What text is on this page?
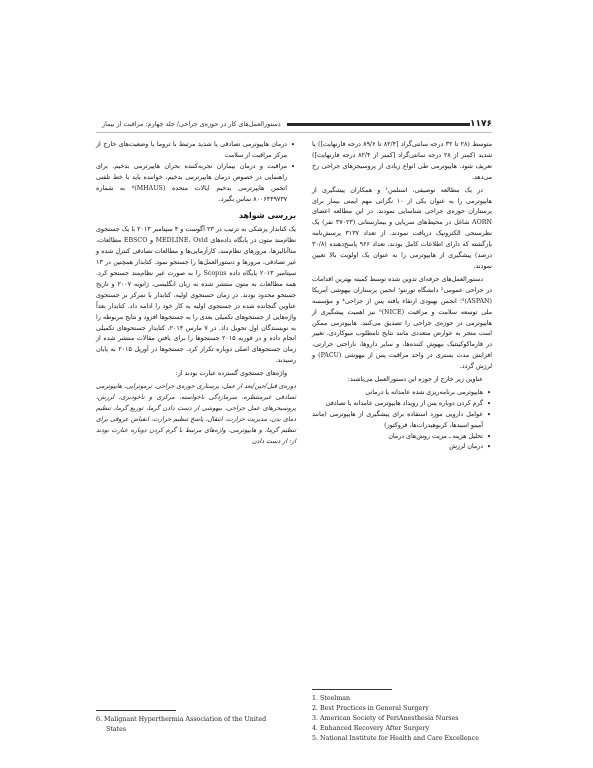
۱۱۷۶
دستورالعمل‌های کار در حوزه‌ی جراحی/ جلد چهارم: مراقبت از بیمار

متوسط (۲۸ تا ۳۲ درجه سانتی‌گراد [۸۲/۴ تا ۸۹/۶ درجه فارنهایت]) یا شدید (کمتر از ۲۸ درجه سانتی‌گراد [کمتر از ۸۲/۴ درجه فارنهایت]) تعریف شود. هایپوترمی طی انواع زیادی از پروسیجرهای جراحی رخ می‌دهد.

در یک مطالعه توصیفی، اسنلمن¹ و همکاران پیشگیری از هایپوترمی را به عنوان یکی از ۱۰ نگرانی مهم ایمنی بیمار برای پرستاران حوزه‌ی جراحی شناسایی نمودند. در این مطالعه اعضای AORN شاغل در محیط‌های سرپایی و بیمارستانی (۳۷۰۲۳ نفر) یک نظرسنجی الکترونیک دریافت نمودند. از تعداد ۳۱۳۷ پرسش‌نامه بازگشته که دارای اطلاعات کامل بودند، تعداد ۹۶۶ پاسخ‌دهنده (۳۰/۸ درصد) پیشگیری از هایپوترمی را به عنوان یک اولویت بالا تعیین نمودند.

دستورالعمل‌های حرفه‌ای تدوین شده توسط کمیته بهترین اقدامات در جراحی عمومی² دانشگاه تورنتو؛ انجمن پرستاران بیهوشی آمریکا (ASPAN)³؛ انجمن بهبودی ارتقاء یافته پس از جراحی⁴ و مؤسسه ملی توسعه سلامت و مراقبت (NICE)⁵ نیز اهمیت پیشگیری از هایپوترمی در حوزه‌ی جراحی را تصدیق می‌کنند. هایپوترمی ممکن است منجر به عوارض متعددی مانند نتایج نامطلوب میوکاردی، تغییر در فارماکوکینتیک بیهوش کننده‌ها، و سایر داروها، ناراحتی حرارتی، افزایش مدت بستری در واحد مراقبت پس از بیهوشی (PACU) و لرزش گردد.

عناوین زیر خارج از حوزه این دستورالعمل می‌باشند:

• هایپوترمی برنامه‌ریزی شده عامدانه یا درمانی
• گرم کردن دوباره پس از رویداد هایپوترمی عامدانه یا تصادفی
• عوامل دارویی مورد استفاده برای پیشگیری از هایپوترمی (مانند آمینو اسیدها، کربوهیدرات‌ها، فروکتوز)
• تحلیل هزینه ـ مزیت روش‌های درمان
• درمان لرزش
• درمان هایپوترمی تصادفی یا شدید مرتبط با تروما یا وضعیت‌های خارج از مرکز مراقبت از سلامت
• مراقبت و درمان بیماران تجربه‌کننده بحران هایپرترمی بدخیم. برای راهنمایی در خصوص درمان هایپرترمی بدخیم، خواننده باید با خط تلفنی انجمن هایپرترمی بدخیم ایالات متحده (MHAUS)⁶ به شماره ۸۰۰۶۴۴۹۷۳۷ تماس بگیرد.
بررسی شواهد

یک کتابدار پزشکی به ترتیب در ۲۳ آگوست و ۴ سپتامبر ۲۰۱۳ با یک جستجوی نظام‌مند متون در پایگاه داده‌های MEDLINE، Ovid و EBSCO مطالعات، متاآنالیزها، مرورهای نظام‌مند، کارآزمایی‌ها و مطالعات تصادفی کنترل شده و غیر تصادفی، مرورها و دستورالعمل‌ها را جستجو نمود. کتابدار همچنین در ۱۳ سپتامبر ۲۰۱۳ پایگاه داده Scopus را به صورت غیر نظام‌مند جستجو کرد. همه مطالعات به متون منتشر شده به زبان انگلیسی، ژانویه ۲۰۰۷ و تاریخ جستجو محدود بودند. در زمان جستجوی اولیه، کتابدار با تمرکز بر جستجوی عناوین گنجانده شده در جستجوی اولیه به کار خود را ادامه داد. کتابدار بعداً واژه‌هایی از جستجوهای تکمیلی بعدی را به جستجوها افزود و نتایج مربوطه را به نویسندگان اول تحویل داد. در ۷ مارس ۲۰۱۴، کتابدار جستجوهای تکمیلی انجام داده و در فوریه ۲۰۱۵ جستجوها را برای یافتن مقالات منتشر شده از زمان جستجوهای اصلی دوباره تکرار کرد. جستجوها در آوریل ۲۰۱۵ به پایان رسیدند.

واژه‌های جستجوی گسترده عبارت بودند از:

دوره‌ی قبل/حین/بعد از عمل، پرستاری حوزه‌ی جراحی، ترموتراپی، هایپوترمی تصادفی غیرمنتظره، سرمازدگی ناخواسته، مرکزی و ناخودبزی، لرزش، پروسیجرهای عمل جراحی، بیهوشی از دست دادن گرما، توزیع گرما، تنظیم دمای بدن، مدیریت حرارت، انتقال، پاسخ تنظیم حرارت، انقباض عروقی برای تنظیم گرما، و هایپوترمی. واژه‌های مرتبط با گرم کردن دوباره عبارت بودند از: از دست دادن

1. Steelman
2. Best Practices in General Surgery
3. American Society of PeriAnesthesia Nurses
4. Enhanced Recovery After Surgery
5. National Institute for Health and Care Excellence
6. Malignant Hyperthermia Association of the United
States
